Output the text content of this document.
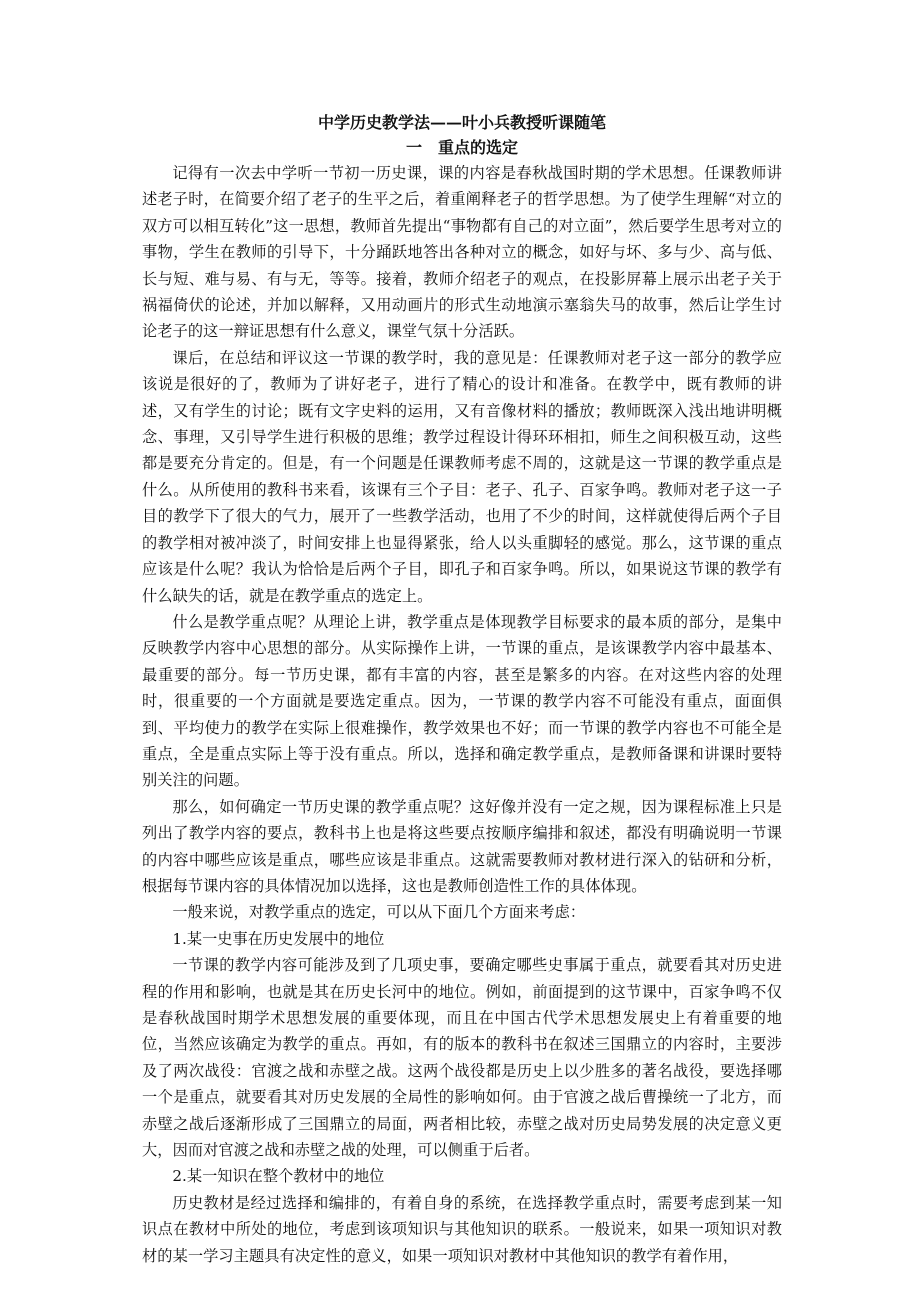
中学历史教学法——叶小兵教授听课随笔

一　重点的选定

记得有一次去中学听一节初一历史课，课的内容是春秋战国时期的学术思想。任课教师讲述老子时，在简要介绍了老子的生平之后，着重阐释老子的哲学思想。为了使学生理解“对立的双方可以相互转化”这一思想，教师首先提出“事物都有自己的对立面”，然后要学生思考对立的事物，学生在教师的引导下，十分踊跃地答出各种对立的概念，如好与坏、多与少、高与低、长与短、难与易、有与无，等等。接着，教师介绍老子的观点，在投影屏幕上展示出老子关于祸福倚伏的论述，并加以解释，又用动画片的形式生动地演示塞翁失马的故事，然后让学生讨论老子的这一辩证思想有什么意义，课堂气氛十分活跃。

课后，在总结和评议这一节课的教学时，我的意见是：任课教师对老子这一部分的教学应该说是很好的了，教师为了讲好老子，进行了精心的设计和准备。在教学中，既有教师的讲述，又有学生的讨论；既有文字史料的运用，又有音像材料的播放；教师既深入浅出地讲明概念、事理，又引导学生进行积极的思维；教学过程设计得环环相扣，师生之间积极互动，这些都是要充分肯定的。但是，有一个问题是任课教师考虑不周的，这就是这一节课的教学重点是什么。从所使用的教科书来看，该课有三个子目：老子、孔子、百家争鸣。教师对老子这一子目的教学下了很大的气力，展开了一些教学活动，也用了不少的时间，这样就使得后两个子目的教学相对被冲淡了，时间安排上也显得紧张，给人以头重脚轻的感觉。那么，这节课的重点应该是什么呢？我认为恰恰是后两个子目，即孔子和百家争鸣。所以，如果说这节课的教学有什么缺失的话，就是在教学重点的选定上。

什么是教学重点呢？从理论上讲，教学重点是体现教学目标要求的最本质的部分，是集中反映教学内容中心思想的部分。从实际操作上讲，一节课的重点，是该课教学内容中最基本、最重要的部分。每一节历史课，都有丰富的内容，甚至是繁多的内容。在对这些内容的处理时，很重要的一个方面就是要选定重点。因为，一节课的教学内容不可能没有重点，面面俱到、平均使力的教学在实际上很难操作，教学效果也不好；而一节课的教学内容也不可能全是重点，全是重点实际上等于没有重点。所以，选择和确定教学重点，是教师备课和讲课时要特别关注的问题。

那么，如何确定一节历史课的教学重点呢？这好像并没有一定之规，因为课程标准上只是列出了教学内容的要点，教科书上也是将这些要点按顺序编排和叙述，都没有明确说明一节课的内容中哪些应该是重点，哪些应该是非重点。这就需要教师对教材进行深入的钻研和分析，根据每节课内容的具体情况加以选择，这也是教师创造性工作的具体体现。

一般来说，对教学重点的选定，可以从下面几个方面来考虑：

1.某一史事在历史发展中的地位

一节课的教学内容可能涉及到了几项史事，要确定哪些史事属于重点，就要看其对历史进程的作用和影响，也就是其在历史长河中的地位。例如，前面提到的这节课中，百家争鸣不仅是春秋战国时期学术思想发展的重要体现，而且在中国古代学术思想发展史上有着重要的地位，当然应该确定为教学的重点。再如，有的版本的教科书在叙述三国鼎立的内容时，主要涉及了两次战役：官渡之战和赤壁之战。这两个战役都是历史上以少胜多的著名战役，要选择哪一个是重点，就要看其对历史发展的全局性的影响如何。由于官渡之战后曹操统一了北方，而赤壁之战后逐渐形成了三国鼎立的局面，两者相比较，赤壁之战对历史局势发展的决定意义更大，因而对官渡之战和赤壁之战的处理，可以侧重于后者。

2.某一知识在整个教材中的地位

历史教材是经过选择和编排的，有着自身的系统，在选择教学重点时，需要考虑到某一知识点在教材中所处的地位，考虑到该项知识与其他知识的联系。一般说来，如果一项知识对教材的某一学习主题具有决定性的意义，如果一项知识对教材中其他知识的教学有着作用，
